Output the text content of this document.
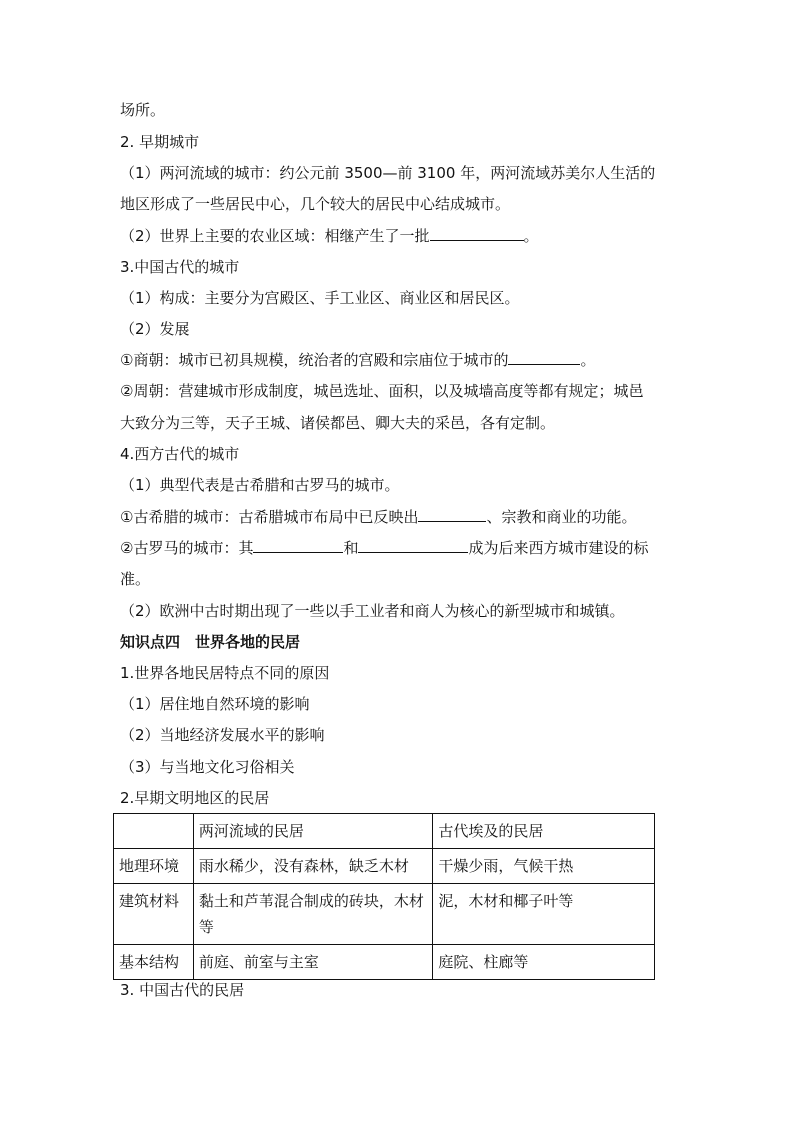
场所。
2. 早期城市
（1）两河流域的城市：约公元前 3500—前 3100 年，两河流域苏美尔人生活的
地区形成了一些居民中心，几个较大的居民中心结成城市。
（2）世界上主要的农业区域：相继产生了一批	。
3.中国古代的城市
（1）构成：主要分为宫殿区、手工业区、商业区和居民区。
（2）发展
①商朝：城市已初具规模，统治者的宫殿和宗庙位于城市的	。
②周朝：营建城市形成制度，城邑选址、面积，以及城墙高度等都有规定；城邑
大致分为三等，天子王城、诸侯都邑、卿大夫的采邑，各有定制。
4.西方古代的城市
（1）典型代表是古希腊和古罗马的城市。
①古希腊的城市：古希腊城市布局中已反映出	、宗教和商业的功能。
②古罗马的城市：其	和	成为后来西方城市建设的标
准。
（2）欧洲中古时期出现了一些以手工业者和商人为核心的新型城市和城镇。
知识点四　世界各地的民居
1.世界各地民居特点不同的原因
（1）居住地自然环境的影响
（2）当地经济发展水平的影响
（3）与当地文化习俗相关
2.早期文明地区的民居
	两河流域的民居	古代埃及的民居
地理环境	雨水稀少，没有森林，缺乏木材	干燥少雨，气候干热
建筑材料	黏土和芦苇混合制成的砖块，木材等	泥，木材和椰子叶等
基本结构	前庭、前室与主室	庭院、柱廊等
3. 中国古代的民居
